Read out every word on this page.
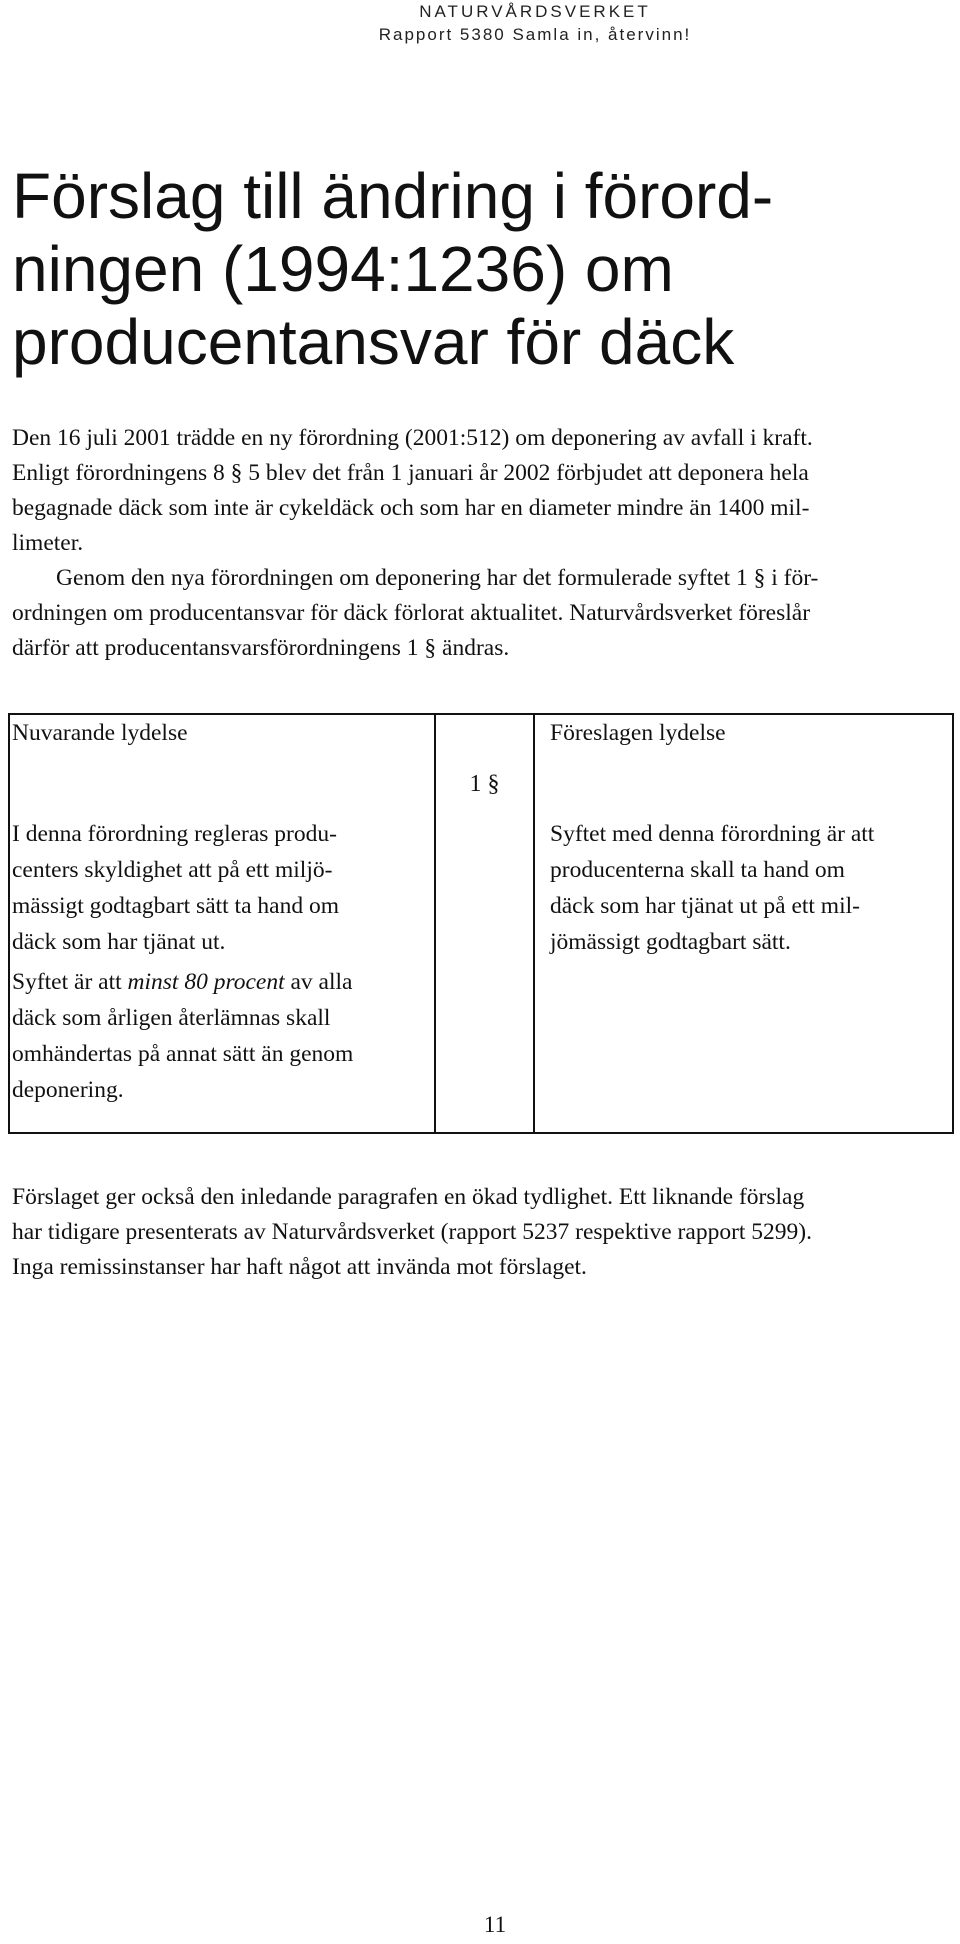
NATURVÅRDSVERKET
Rapport 5380 Samla in, återvinn!
Förslag till ändring i förord-
ningen (1994:1236) om
producentansvar för däck

Den 16 juli 2001 trädde en ny förordning (2001:512) om deponering av avfall i kraft.
Enligt förordningens 8 § 5 blev det från 1 januari år 2002 förbjudet att deponera hela
begagnade däck som inte är cykeldäck och som har en diameter mindre än 1400 mil-
limeter.

Genom den nya förordningen om deponering har det formulerade syftet 1 § i för-
ordningen om producentansvar för däck förlorat aktualitet. Naturvårdsverket föreslår
därför att producentansvarsförordningens 1 § ändras.

Nuvarande lydelse

I denna förordning regleras produ-
centers skyldighet att på ett miljö-
mässigt godtagbart sätt ta hand om
däck som har tjänat ut.

Syftet är att minst 80 procent av alla
däck som årligen återlämnas skall
omhändertas på annat sätt än genom
deponering.

1 §
Föreslagen lydelse

Syftet med denna förordning är att
producenterna skall ta hand om
däck som har tjänat ut på ett mil-
jömässigt godtagbart sätt.

Förslaget ger också den inledande paragrafen en ökad tydlighet. Ett liknande förslag
har tidigare presenterats av Naturvårdsverket (rapport 5237 respektive rapport 5299).
Inga remissinstanser har haft något att invända mot förslaget.

11
